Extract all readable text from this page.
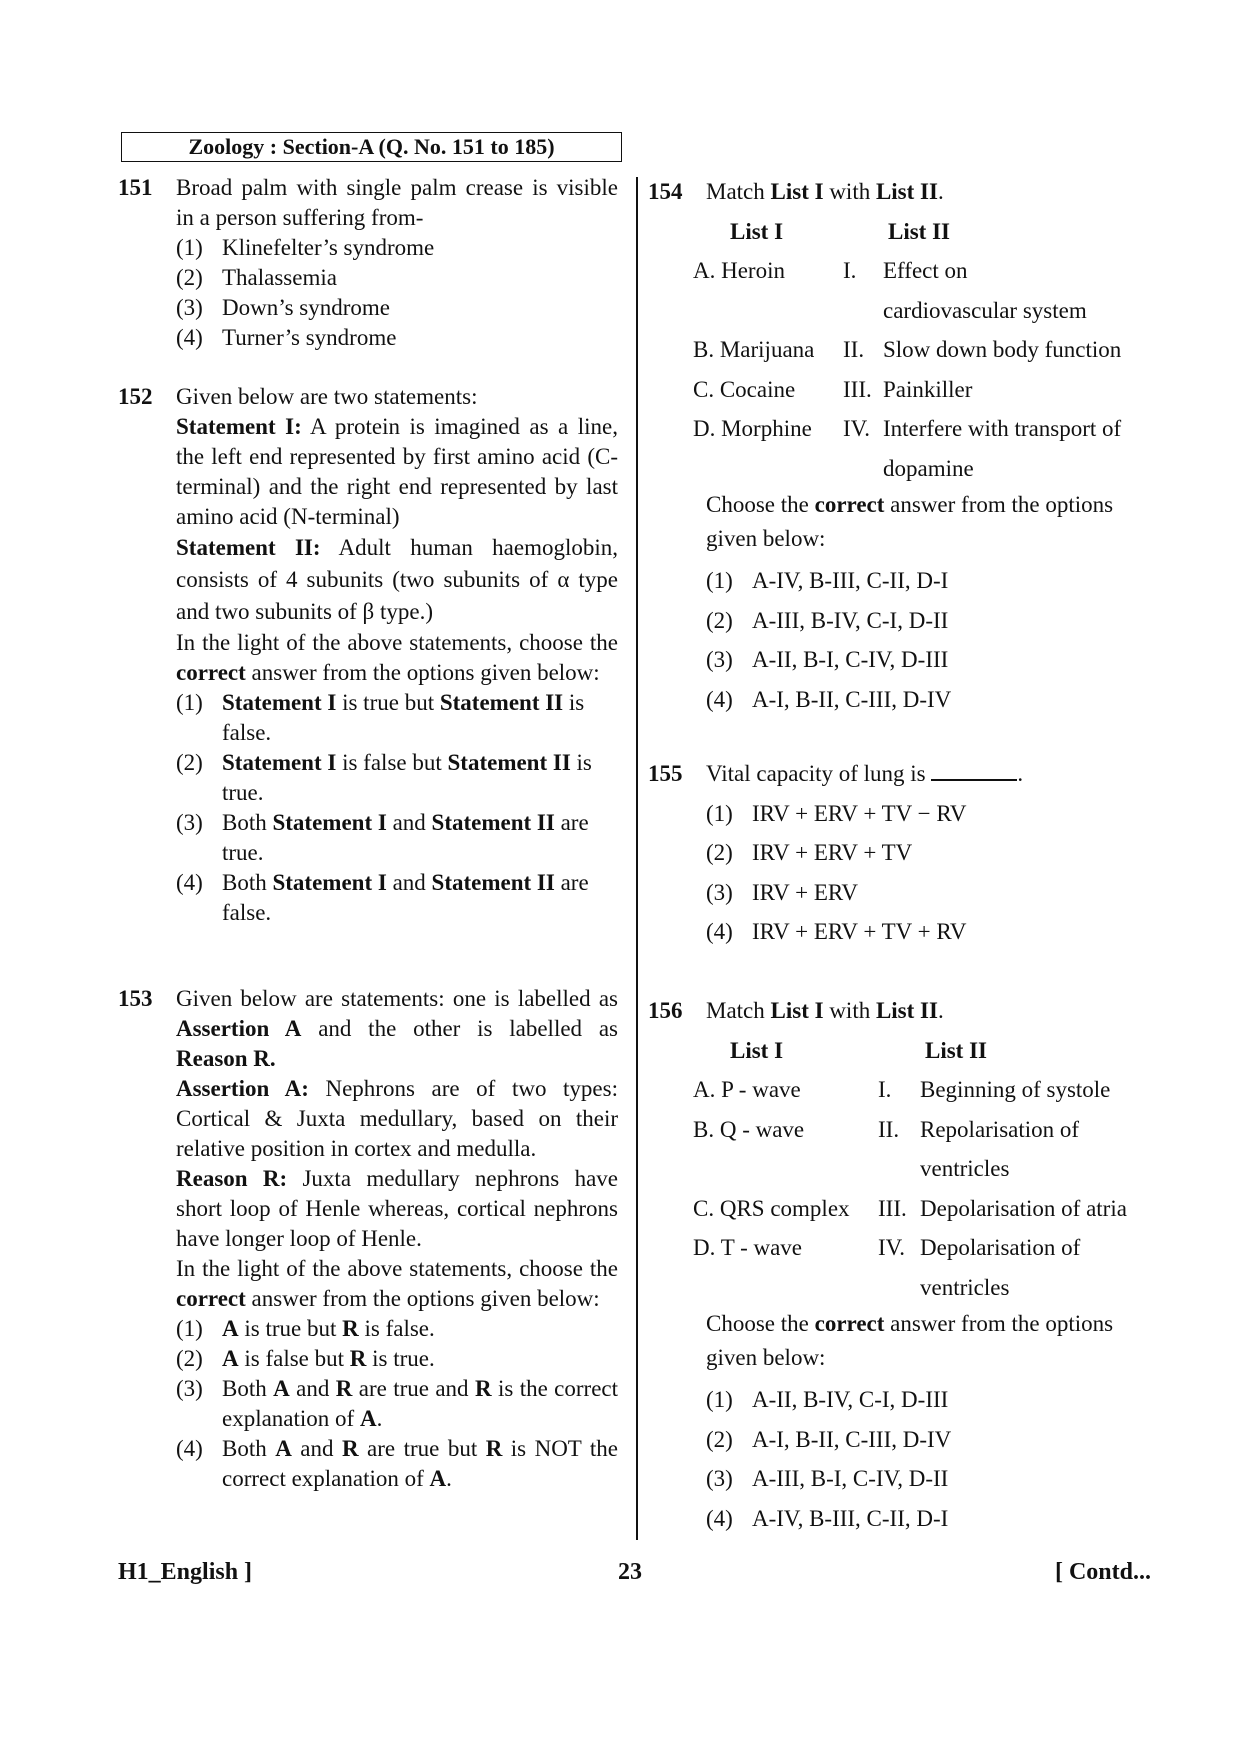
Zoology : Section-A (Q. No. 151 to 185)
151 Broad palm with single palm crease is visible in a person suffering from-
(1) Klinefelter’s syndrome
(2) Thalassemia
(3) Down’s syndrome
(4) Turner’s syndrome
152 Given below are two statements:
Statement I: A protein is imagined as a line, the left end represented by first amino acid (C-terminal) and the right end represented by last amino acid (N-terminal)
Statement II: Adult human haemoglobin, consists of 4 subunits (two subunits of α type and two subunits of β type.)
In the light of the above statements, choose the correct answer from the options given below:
(1) Statement I is true but Statement II is false.
(2) Statement I is false but Statement II is true.
(3) Both Statement I and Statement II are true.
(4) Both Statement I and Statement II are false.
153 Given below are statements: one is labelled as Assertion A and the other is labelled as Reason R.
Assertion A: Nephrons are of two types: Cortical & Juxta medullary, based on their relative position in cortex and medulla.
Reason R: Juxta medullary nephrons have short loop of Henle whereas, cortical nephrons have longer loop of Henle.
In the light of the above statements, choose the correct answer from the options given below:
(1) A is true but R is false.
(2) A is false but R is true.
(3) Both A and R are true and R is the correct explanation of A.
(4) Both A and R are true but R is NOT the correct explanation of A.
154 Match List I with List II.
List I	List II
A. Heroin	I.	Effect on
cardiovascular system
B. Marijuana	II. Slow down body function
C. Cocaine	III. Painkiller
D. Morphine	IV. Interfere with transport of
dopamine
Choose the correct answer from the options given below:
(1) A-IV, B-III, C-II, D-I
(2) A-III, B-IV, C-I, D-II
(3) A-II, B-I, C-IV, D-III
(4) A-I, B-II, C-III, D-IV
155 Vital capacity of lung is	.
(1) IRV + ERV + TV − RV
(2) IRV + ERV + TV
(3) IRV + ERV
(4) IRV + ERV + TV + RV
156 Match List I with List II.
List I	List II
A. P - wave	I.	Beginning of systole
B. Q - wave	II. Repolarisation of
ventricles
C. QRS complex	III. Depolarisation of atria
D. T - wave	IV. Depolarisation of
ventricles
Choose the correct answer from the options given below:
(1) A-II, B-IV, C-I, D-III
(2) A-I, B-II, C-III, D-IV
(3) A-III, B-I, C-IV, D-II
(4) A-IV, B-III, C-II, D-I
H1_English ]	23	[ Contd...
